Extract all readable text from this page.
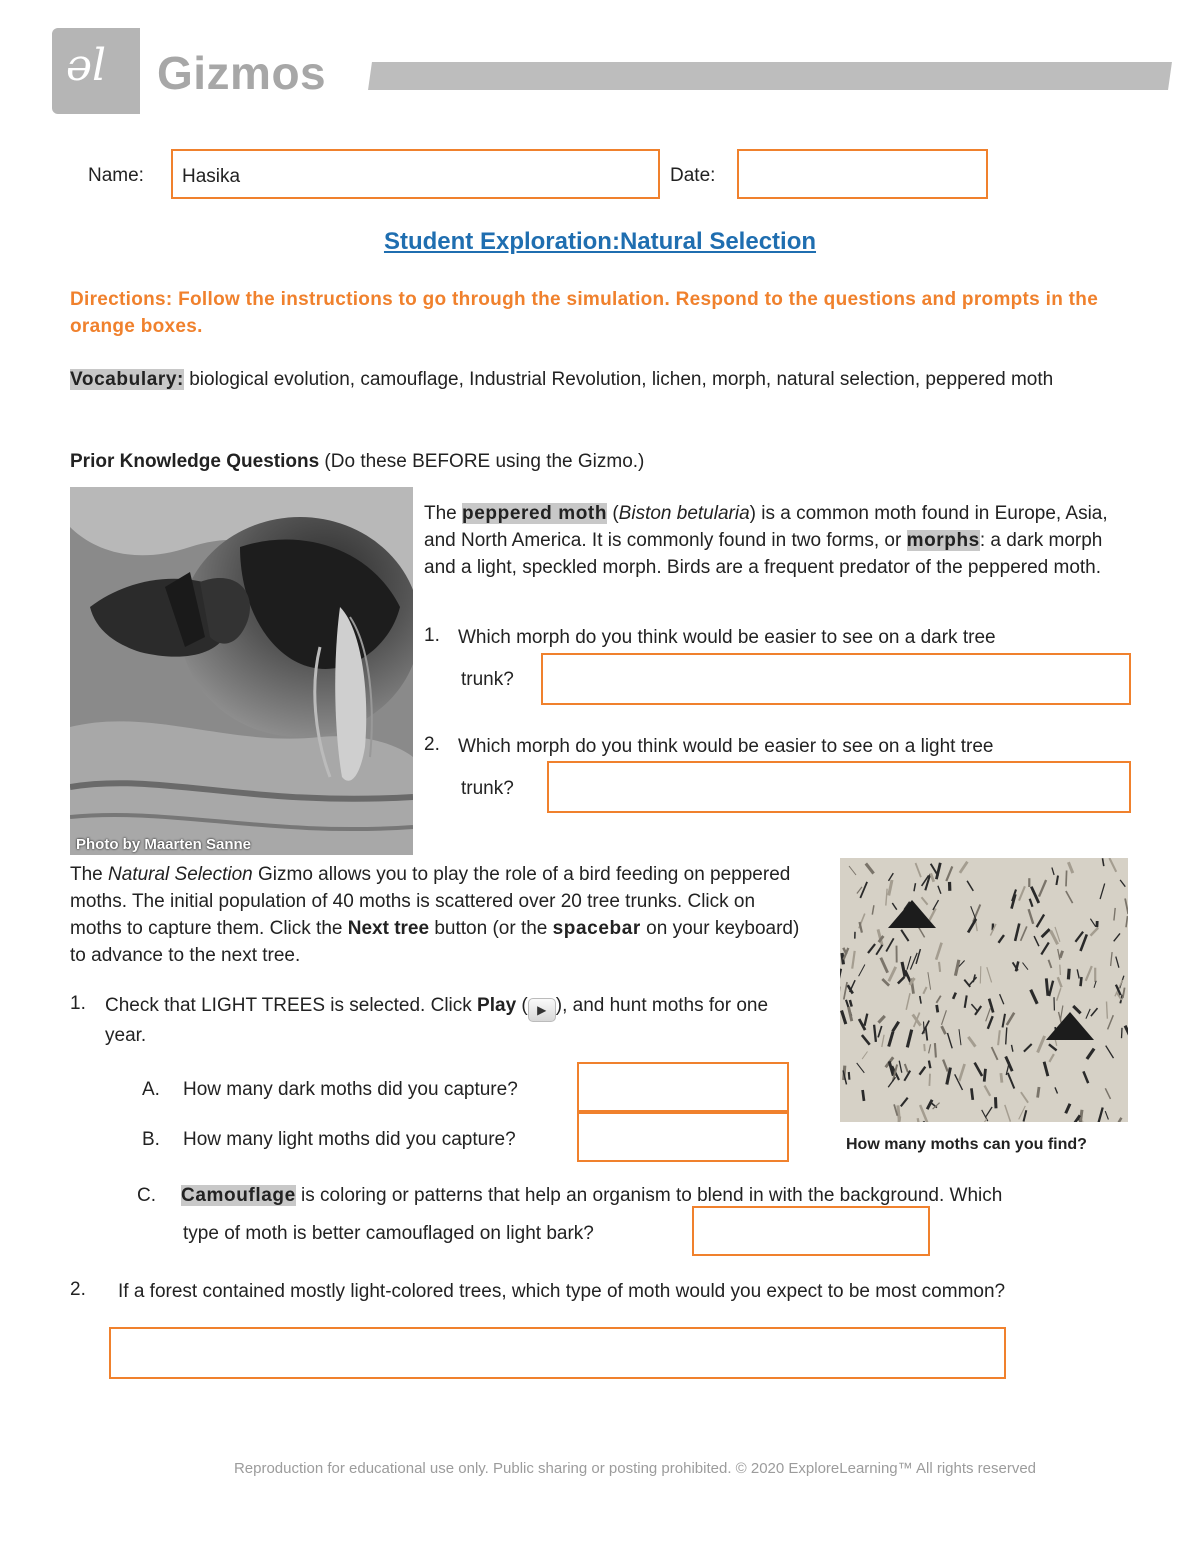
əl Gizmos
Name: Hasika	Date:
Student Exploration:Natural Selection
Directions: Follow the instructions to go through the simulation. Respond to the questions and prompts in the orange boxes.
Vocabulary: biological evolution, camouflage, Industrial Revolution, lichen, morph, natural selection, peppered moth
Prior Knowledge Questions (Do these BEFORE using the Gizmo.)
Photo by Maarten Sanne
The peppered moth (Biston betularia) is a common moth found in Europe, Asia, and North America. It is commonly found in two forms, or morphs: a dark morph and a light, speckled morph. Birds are a frequent predator of the peppered moth.
1. Which morph do you think would be easier to see on a dark tree
trunk?
2. Which morph do you think would be easier to see on a light tree
trunk?
The Natural Selection Gizmo allows you to play the role of a bird feeding on peppered moths. The initial population of 40 moths is scattered over 20 tree trunks. Click on moths to capture them. Click the Next tree button (or the spacebar on your keyboard) to advance to the next tree.
How many moths can you find?
1. Check that LIGHT TREES is selected. Click Play ( ▶ ), and hunt moths for one year.
A. How many dark moths did you capture?
B. How many light moths did you capture?
C. Camouflage is coloring or patterns that help an organism to blend in with the background. Which
type of moth is better camouflaged on light bark?
2. If a forest contained mostly light-colored trees, which type of moth would you expect to be most common?
Reproduction for educational use only. Public sharing or posting prohibited. © 2020 ExploreLearning™ All rights reserved
